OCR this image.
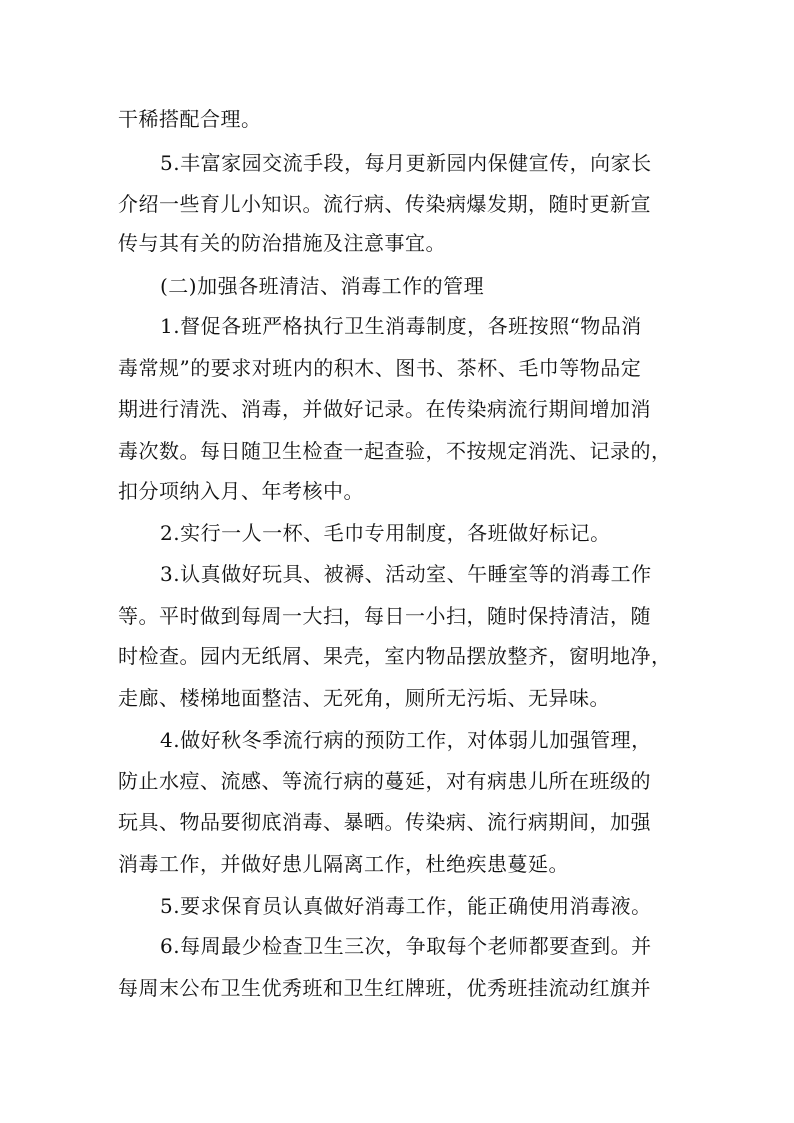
干稀搭配合理。
5.丰富家园交流手段，每月更新园内保健宣传，向家长
介绍一些育儿小知识。流行病、传染病爆发期，随时更新宣
传与其有关的防治措施及注意事宜。
(二)加强各班清洁、消毒工作的管理
1.督促各班严格执行卫生消毒制度，各班按照“物品消
毒常规”的要求对班内的积木、图书、茶杯、毛巾等物品定
期进行清洗、消毒，并做好记录。在传染病流行期间增加消
毒次数。每日随卫生检查一起查验，不按规定消洗、记录的，
扣分项纳入月、年考核中。
2.实行一人一杯、毛巾专用制度，各班做好标记。
3.认真做好玩具、被褥、活动室、午睡室等的消毒工作
等。平时做到每周一大扫，每日一小扫，随时保持清洁，随
时检查。园内无纸屑、果壳，室内物品摆放整齐，窗明地净，
走廊、楼梯地面整洁、无死角，厕所无污垢、无异味。
4.做好秋冬季流行病的预防工作，对体弱儿加强管理，
防止水痘、流感、等流行病的蔓延，对有病患儿所在班级的
玩具、物品要彻底消毒、暴晒。传染病、流行病期间，加强
消毒工作，并做好患儿隔离工作，杜绝疾患蔓延。
5.要求保育员认真做好消毒工作，能正确使用消毒液。
6.每周最少检查卫生三次，争取每个老师都要查到。并
每周末公布卫生优秀班和卫生红牌班，优秀班挂流动红旗并
